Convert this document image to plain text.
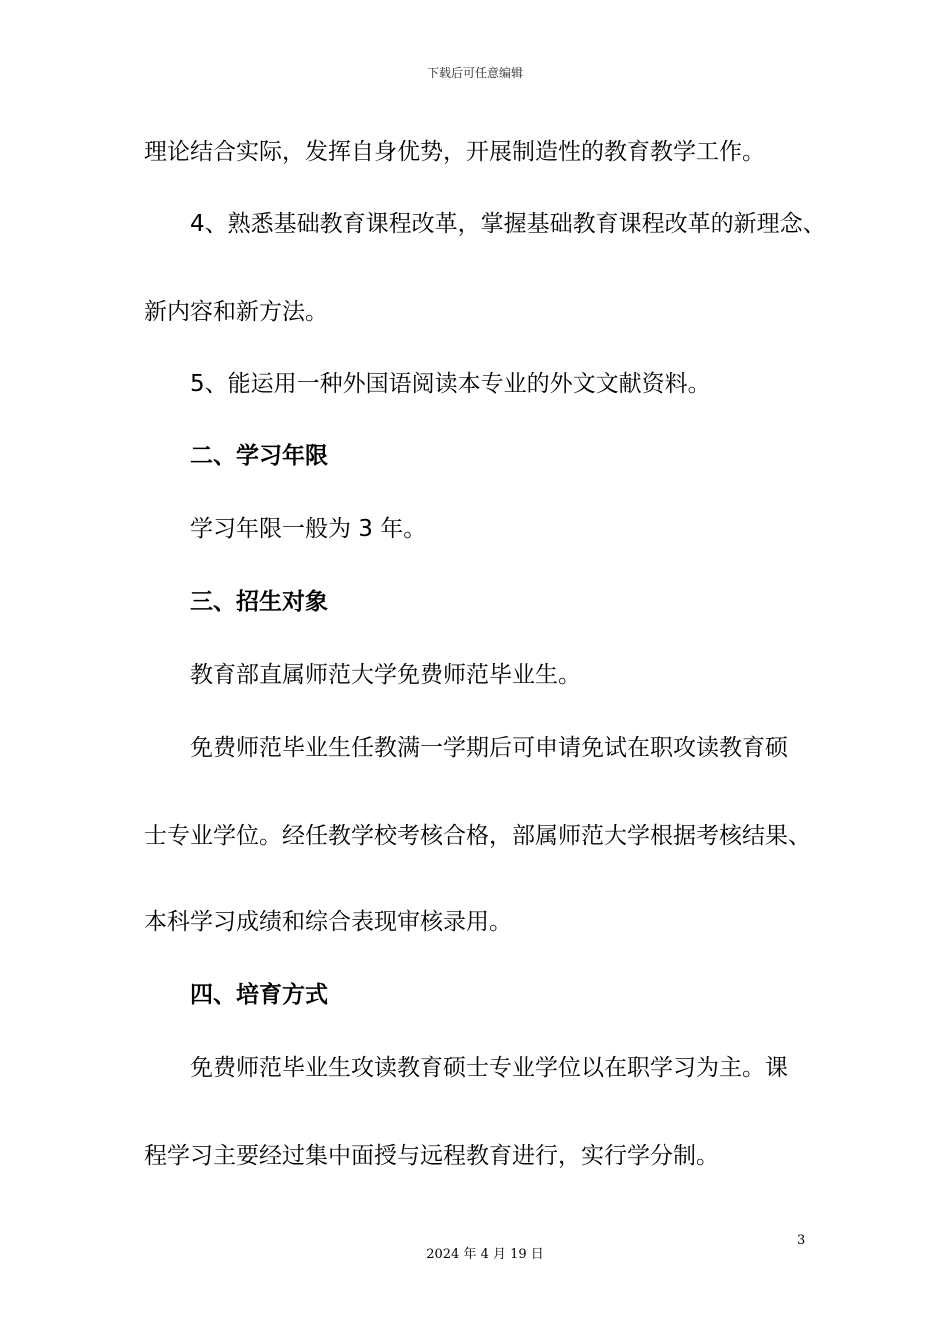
下载后可任意编辑
理论结合实际，发挥自身优势，开展制造性的教育教学工作。
4、熟悉基础教育课程改革，掌握基础教育课程改革的新理念、
新内容和新方法。
5、能运用一种外国语阅读本专业的外文文献资料。
二、学习年限
学习年限一般为 3 年。
三、招生对象
教育部直属师范大学免费师范毕业生。
免费师范毕业生任教满一学期后可申请免试在职攻读教育硕
士专业学位。经任教学校考核合格，部属师范大学根据考核结果、
本科学习成绩和综合表现审核录用。
四、培育方式
免费师范毕业生攻读教育硕士专业学位以在职学习为主。课
程学习主要经过集中面授与远程教育进行，实行学分制。
3
2024 年 4 月 19 日
